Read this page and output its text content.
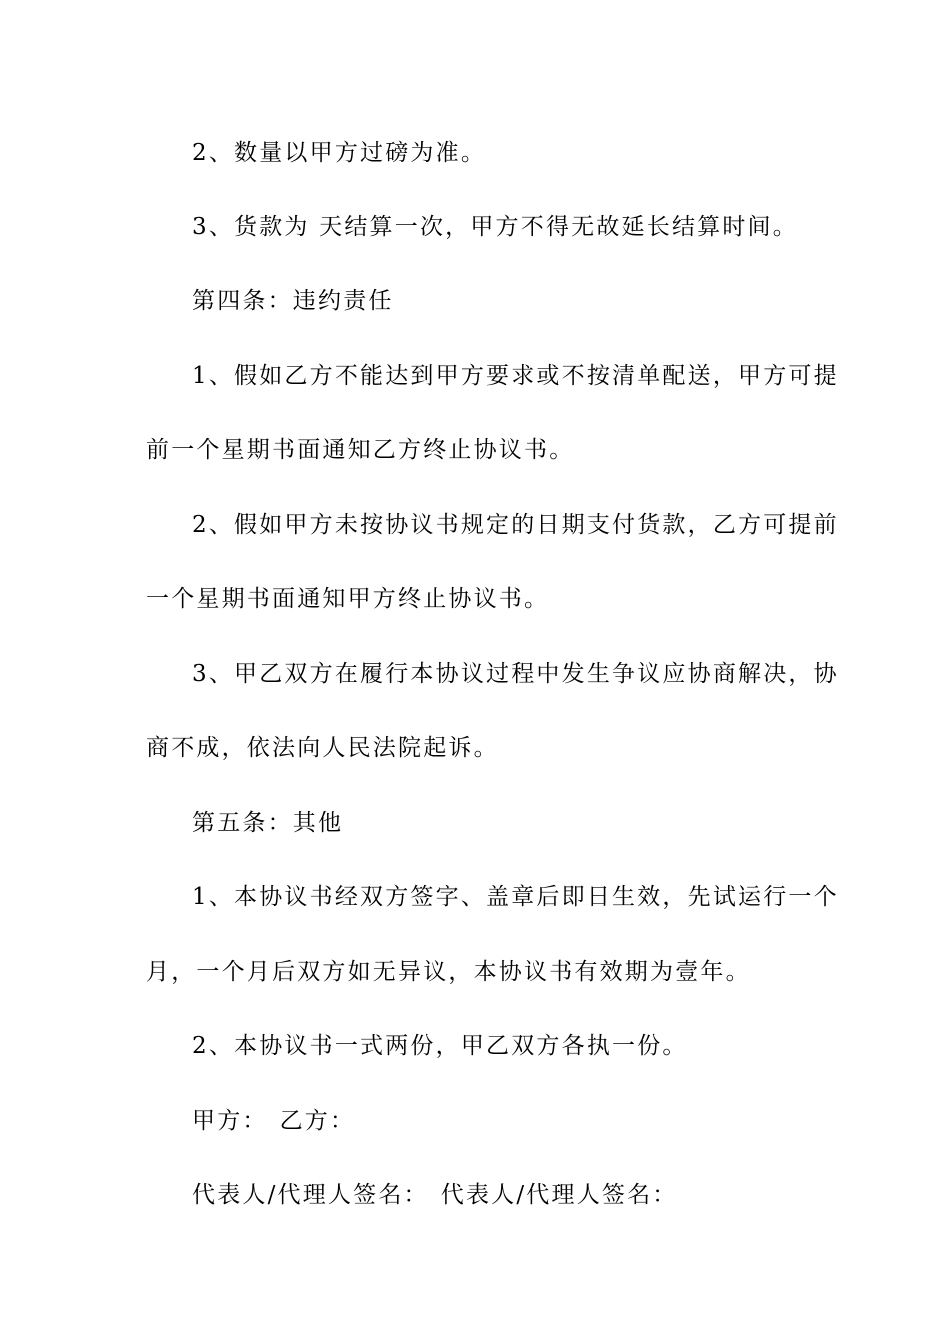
2、数量以甲方过磅为准。
3、货款为 天结算一次，甲方不得无故延长结算时间。
第四条：违约责任
1、假如乙方不能达到甲方要求或不按清单配送，甲方可提
前一个星期书面通知乙方终止协议书。
2、假如甲方未按协议书规定的日期支付货款，乙方可提前
一个星期书面通知甲方终止协议书。
3、甲乙双方在履行本协议过程中发生争议应协商解决，协
商不成，依法向人民法院起诉。
第五条：其他
1、本协议书经双方签字、盖章后即日生效，先试运行一个
月，一个月后双方如无异议，本协议书有效期为壹年。
2、本协议书一式两份，甲乙双方各执一份。
甲方： 乙方：
代表人/代理人签名： 代表人/代理人签名：
